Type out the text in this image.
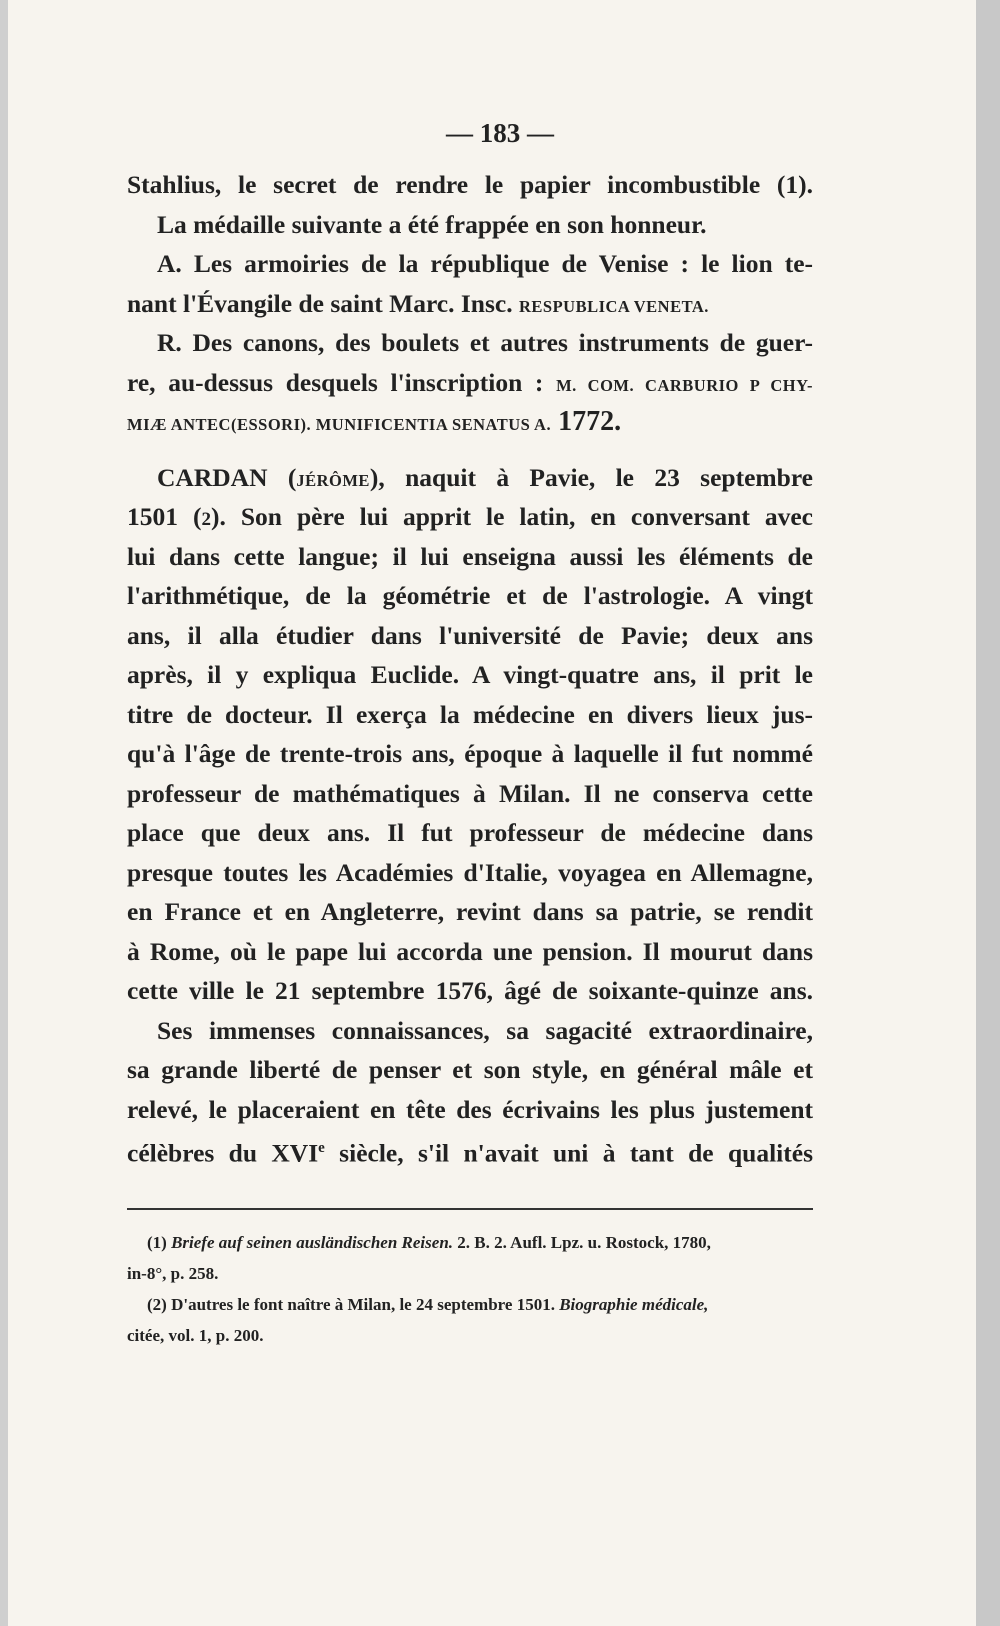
— 183 —
Stahlius, le secret de rendre le papier incombustible (1).
La médaille suivante a été frappée en son honneur.
A. Les armoiries de la république de Venise : le lion te-
nant l'Évangile de saint Marc. Insc. RESPUBLICA VENETA.
R. Des canons, des boulets et autres instruments de guer-
re, au-dessus desquels l'inscription : M. COM. CARBURIO P CHY-
MIÆ ANTEC(ESSORI). MUNIFICENTIA SENATUS A. 1772.
CARDAN (JÉRÔME), naquit à Pavie, le 23 septembre
1501 (2). Son père lui apprit le latin, en conversant avec
lui dans cette langue; il lui enseigna aussi les éléments de
l'arithmétique, de la géométrie et de l'astrologie. A vingt
ans, il alla étudier dans l'université de Pavie; deux ans
après, il y expliqua Euclide. A vingt-quatre ans, il prit le
titre de docteur. Il exerça la médecine en divers lieux jus-
qu'à l'âge de trente-trois ans, époque à laquelle il fut nommé
professeur de mathématiques à Milan. Il ne conserva cette
place que deux ans. Il fut professeur de médecine dans
presque toutes les Académies d'Italie, voyagea en Allemagne,
en France et en Angleterre, revint dans sa patrie, se rendit
à Rome, où le pape lui accorda une pension. Il mourut dans
cette ville le 21 septembre 1576, âgé de soixante-quinze ans.
Ses immenses connaissances, sa sagacité extraordinaire,
sa grande liberté de penser et son style, en général mâle et
relevé, le placeraient en tête des écrivains les plus justement
célèbres du XVIe siècle, s'il n'avait uni à tant de qualités
(1) Briefe auf seinen ausländischen Reisen. 2. B. 2. Aufl. Lpz. u. Rostock, 1780,
in-8°, p. 258.
(2) D'autres le font naître à Milan, le 24 septembre 1501. Biographie médicale,
citée, vol. 1, p. 200.
